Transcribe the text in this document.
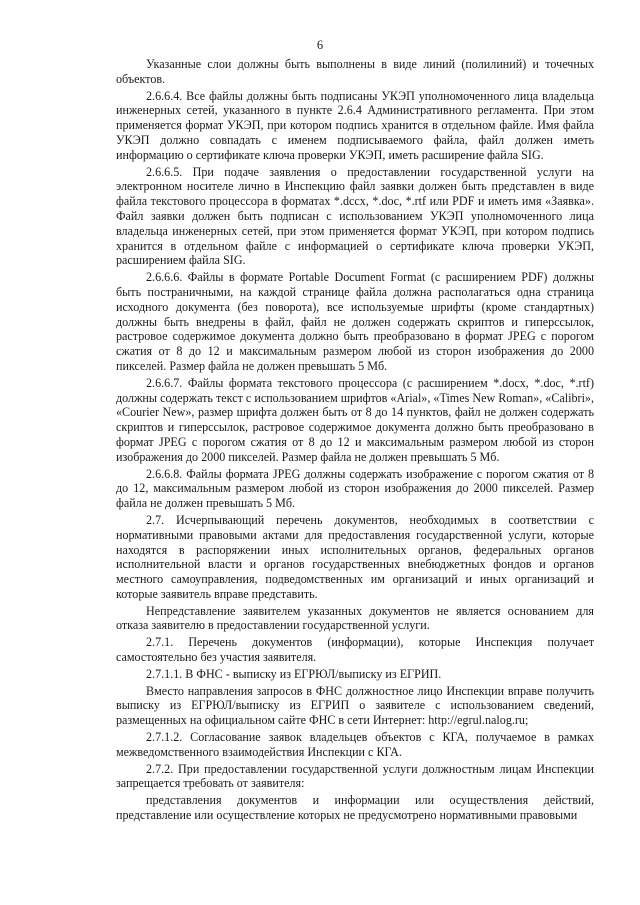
6

Указанные слои должны быть выполнены в виде линий (полилиний) и точечных объектов.

2.6.6.4. Все файлы должны быть подписаны УКЭП уполномоченного лица владельца инженерных сетей, указанного в пункте 2.6.4 Административного регламента. При этом применяется формат УКЭП, при котором подпись хранится в отдельном файле. Имя файла УКЭП должно совпадать с именем подписываемого файла, файл должен иметь информацию о сертификате ключа проверки УКЭП, иметь расширение файла SIG.

2.6.6.5. При подаче заявления о предоставлении государственной услуги на электронном носителе лично в Инспекцию файл заявки должен быть представлен в виде файла текстового процессора в форматах *.dccx, *.doc, *.rtf или PDF и иметь имя «Заявка». Файл заявки должен быть подписан с использованием УКЭП уполномоченного лица владельца инженерных сетей, при этом применяется формат УКЭП, при котором подпись хранится в отдельном файле с информацией о сертификате ключа проверки УКЭП, расширением файла SIG.

2.6.6.6. Файлы в формате Portable Document Format (с расширением PDF) должны быть постраничными, на каждой странице файла должна располагаться одна страница исходного документа (без поворота), все используемые шрифты (кроме стандартных) должны быть внедрены в файл, файл не должен содержать скриптов и гиперссылок, растровое содержимое документа должно быть преобразовано в формат JPEG с порогом сжатия от 8 до 12 и максимальным размером любой из сторон изображения до 2000 пикселей. Размер файла не должен превышать 5 Мб.

2.6.6.7. Файлы формата текстового процессора (с расширением *.docx, *.doc, *.rtf) должны содержать текст с использованием шрифтов «Arial», «Times New Roman», «Calibri», «Courier New», размер шрифта должен быть от 8 до 14 пунктов, файл не должен содержать скриптов и гиперссылок, растровое содержимое документа должно быть преобразовано в формат JPEG с порогом сжатия от 8 до 12 и максимальным размером любой из сторон изображения до 2000 пикселей. Размер файла не должен превышать 5 Мб.

2.6.6.8. Файлы формата JPEG должны содержать изображение с порогом сжатия от 8 до 12, максимальным размером любой из сторон изображения до 2000 пикселей. Размер файла не должен превышать 5 Мб.

2.7. Исчерпывающий перечень документов, необходимых в соответствии с нормативными правовыми актами для предоставления государственной услуги, которые находятся в распоряжении иных исполнительных органов, федеральных органов исполнительной власти и органов государственных внебюджетных фондов и органов местного самоуправления, подведомственных им организаций и иных организаций и которые заявитель вправе представить.

Непредставление заявителем указанных документов не является основанием для отказа заявителю в предоставлении государственной услуги.

2.7.1. Перечень документов (информации), которые Инспекция получает самостоятельно без участия заявителя.

2.7.1.1. В ФНС - выписку из ЕГРЮЛ/выписку из ЕГРИП.

Вместо направления запросов в ФНС должностное лицо Инспекции вправе получить выписку из ЕГРЮЛ/выписку из ЕГРИП о заявителе с использованием сведений, размещенных на официальном сайте ФНС в сети Интернет: http://egrul.nalog.ru;

2.7.1.2. Согласование заявок владельцев объектов с КГА, получаемое в рамках межведомственного взаимодействия Инспекции с КГА.

2.7.2. При предоставлении государственной услуги должностным лицам Инспекции запрещается требовать от заявителя:

представления документов и информации или осуществления действий, представление или осуществление которых не предусмотрено нормативными правовыми
